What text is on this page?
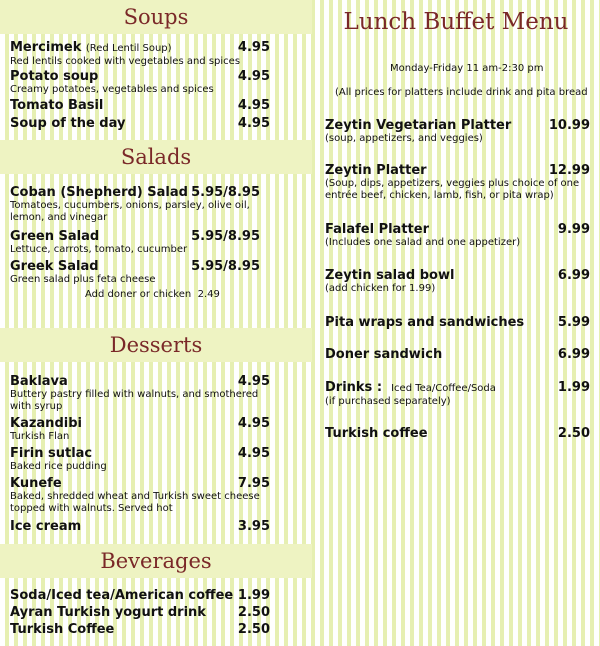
Soups
Mercimek (Red Lentil Soup)	4.95
Red lentils cooked with vegetables and spices
Potato soup	4.95
Creamy potatoes, vegetables and spices
Tomato Basil	4.95
Soup of the day	4.95
Salads
Coban (Shepherd) Salad 5.95/8.95
Tomatoes, cucumbers, onions, parsley, olive oil, lemon, and vinegar
Green Salad	5.95/8.95
Lettuce, carrots, tomato, cucumber
Greek Salad	5.95/8.95
Green salad plus feta cheese
Add doner or chicken 2.49
Desserts
Baklava	4.95
Buttery pastry filled with walnuts, and smothered with syrup
Kazandibi	4.95
Turkish Flan
Firin sutlac	4.95
Baked rice pudding
Kunefe	7.95
Baked, shredded wheat and Turkish sweet cheese topped with walnuts. Served hot
Ice cream	3.95
Beverages
Soda/Iced tea/American coffee 1.99
Ayran Turkish yogurt drink	2.50
Turkish Coffee	2.50
Lunch Buffet Menu
Monday-Friday 11 am-2:30 pm
(All prices for platters include drink and pita bread
Zeytin Vegetarian Platter	10.99
(soup, appetizers, and veggies)
Zeytin Platter	12.99
(Soup, dips, appetizers, veggies plus choice of one entrée beef, chicken, lamb, fish, or pita wrap)
Falafel Platter	9.99
(Includes one salad and one appetizer)
Zeytin salad bowl	6.99
(add chicken for 1.99)
Pita wraps and sandwiches	5.99
Doner sandwich	6.99
Drinks : Iced Tea/Coffee/Soda	1.99
(if purchased separately)
Turkish coffee	2.50
